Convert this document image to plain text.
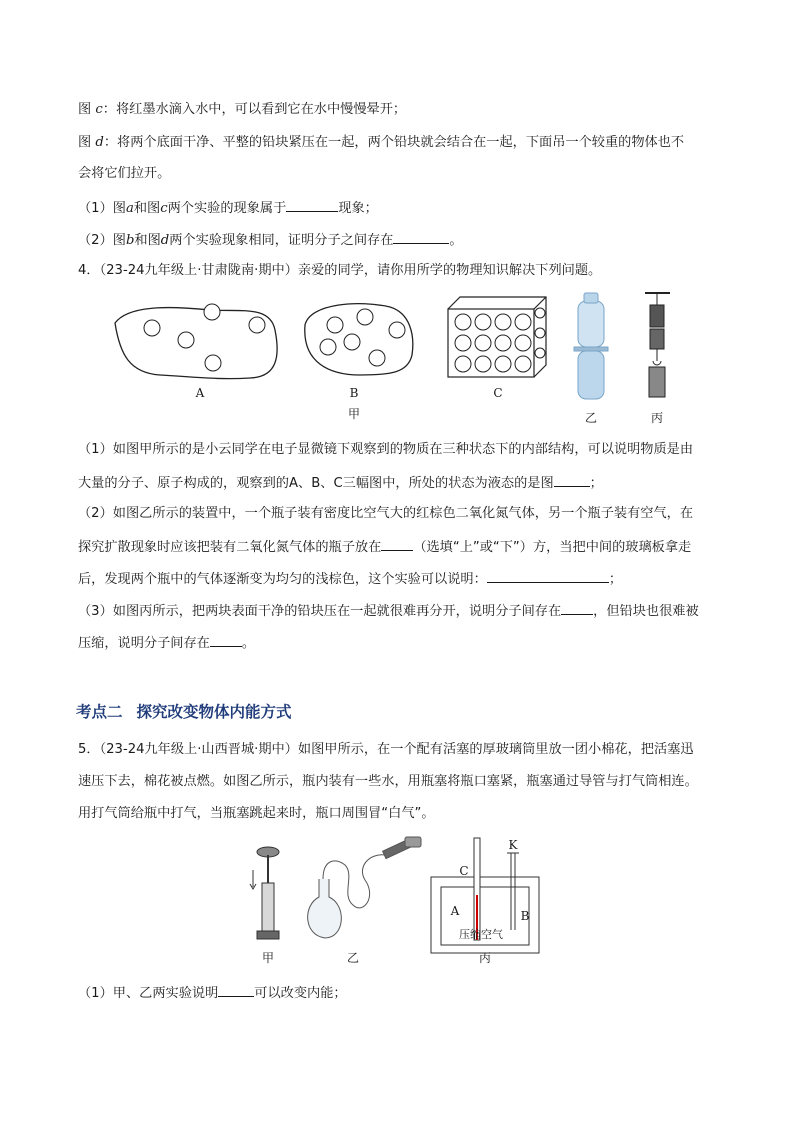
图 c：将红墨水滴入水中，可以看到它在水中慢慢晕开；
图 d：将两个底面干净、平整的铅块紧压在一起，两个铅块就会结合在一起，下面吊一个较重的物体也不
会将它们拉开。
（1）图a和图c两个实验的现象属于	现象；
（2）图b和图d两个实验现象相同，证明分子之间存在	。
4．（23-24九年级上·甘肃陇南·期中）亲爱的同学，请你用所学的物理知识解决下列问题。
A	B	C
甲	乙	丙
（1）如图甲所示的是小云同学在电子显微镜下观察到的物质在三种状态下的内部结构，可以说明物质是由
大量的分子、原子构成的，观察到的A、B、C三幅图中，所处的状态为液态的是图	；
（2）如图乙所示的装置中，一个瓶子装有密度比空气大的红棕色二氧化氮气体，另一个瓶子装有空气，在
探究扩散现象时应该把装有二氧化氮气体的瓶子放在 （选填“上”或“下”）方，当把中间的玻璃板拿走
后，发现两个瓶中的气体逐渐变为均匀的浅棕色，这个实验可以说明：	；
（3）如图丙所示，把两块表面干净的铅块压在一起就很难再分开，说明分子间存在 ，但铅块也很难被
压缩，说明分子间存在 。
考点二 探究改变物体内能方式
5．（23-24九年级上·山西晋城·期中）如图甲所示，在一个配有活塞的厚玻璃筒里放一团小棉花，把活塞迅
速压下去，棉花被点燃。如图乙所示，瓶内装有一些水，用瓶塞将瓶口塞紧，瓶塞通过导管与打气筒相连。
用打气筒给瓶中打气，当瓶塞跳起来时，瓶口周围冒“白气”。
C
K
A	B
压缩空气
甲	乙	丙
（1）甲、乙两实验说明	可以改变内能；
